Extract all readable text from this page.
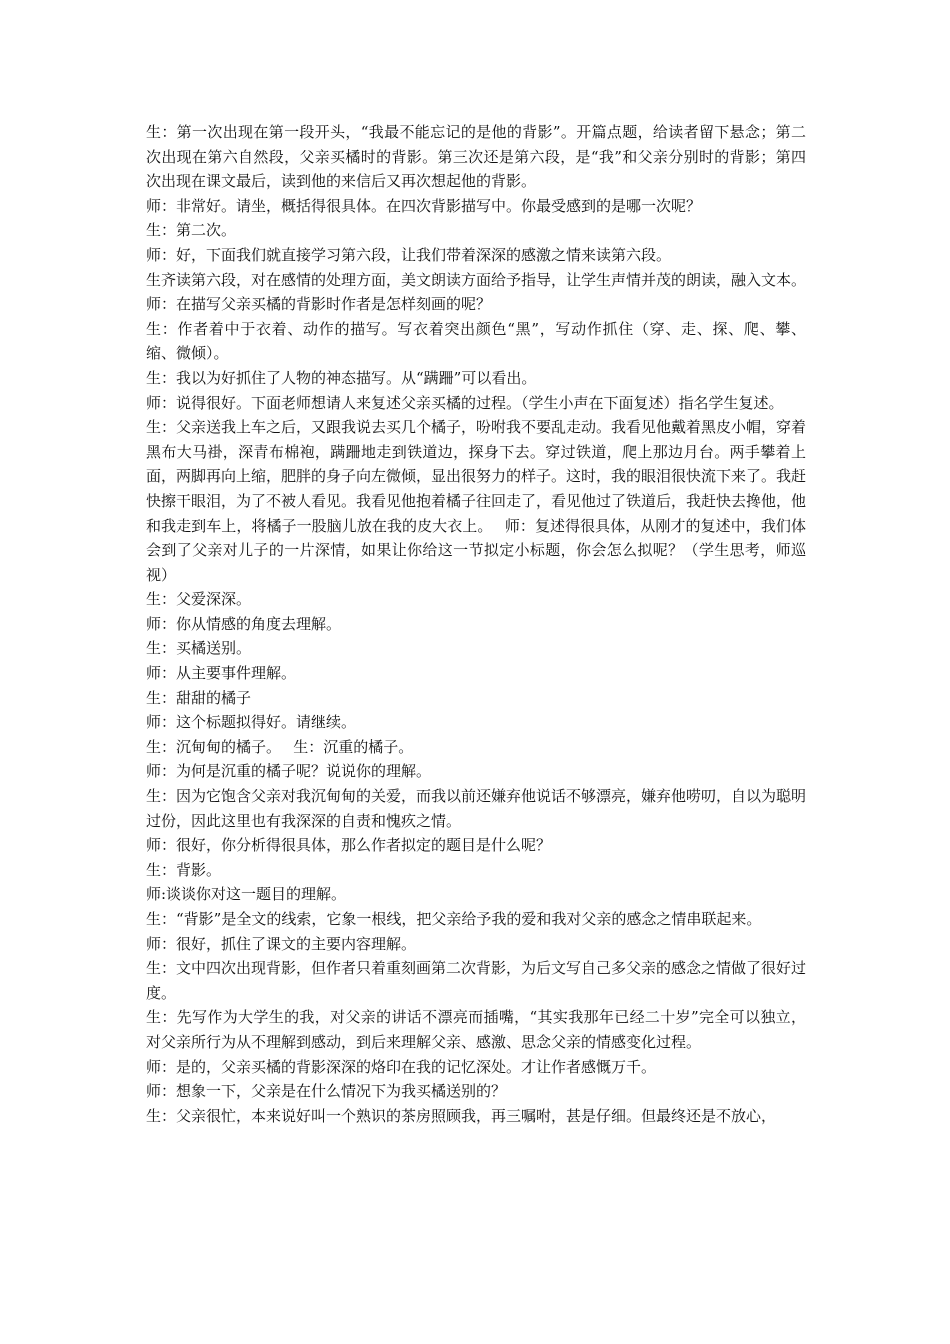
生：第一次出现在第一段开头，“我最不能忘记的是他的背影”。开篇点题，给读者留下悬念；第二次出现在第六自然段，父亲买橘时的背影。第三次还是第六段，是“我”和父亲分别时的背影；第四次出现在课文最后，读到他的来信后又再次想起他的背影。

师：非常好。请坐，概括得很具体。在四次背影描写中。你最受感到的是哪一次呢？

生：第二次。

师：好，下面我们就直接学习第六段，让我们带着深深的感激之情来读第六段。

生齐读第六段，对在感情的处理方面，美文朗读方面给予指导，让学生声情并茂的朗读，融入文本。

师：在描写父亲买橘的背影时作者是怎样刻画的呢？

生：作者着中于衣着、动作的描写。写衣着突出颜色“黑”，写动作抓住（穿、走、探、爬、攀、缩、微倾）。

生：我以为好抓住了人物的神态描写。从“蹒跚”可以看出。

师：说得很好。下面老师想请人来复述父亲买橘的过程。（学生小声在下面复述）指名学生复述。

生：父亲送我上车之后，又跟我说去买几个橘子，吩咐我不要乱走动。我看见他戴着黑皮小帽，穿着黑布大马褂，深青布棉袍，蹒跚地走到铁道边，探身下去。穿过铁道，爬上那边月台。两手攀着上面，两脚再向上缩，肥胖的身子向左微倾，显出很努力的样子。这时，我的眼泪很快流下来了。我赶快擦干眼泪，为了不被人看见。我看见他抱着橘子往回走了，看见他过了铁道后，我赶快去搀他，他和我走到车上，将橘子一股脑儿放在我的皮大衣上。　 师：复述得很具体，从刚才的复述中，我们体会到了父亲对儿子的一片深情，如果让你给这一节拟定小标题，你会怎么拟呢？（学生思考，师巡视）

生：父爱深深。

师：你从情感的角度去理解。

生：买橘送别。

师：从主要事件理解。

生：甜甜的橘子

师：这个标题拟得好。请继续。

生：沉甸甸的橘子。　 生：沉重的橘子。

师：为何是沉重的橘子呢？说说你的理解。

生：因为它饱含父亲对我沉甸甸的关爱，而我以前还嫌弃他说话不够漂亮，嫌弃他唠叨，自以为聪明过份，因此这里也有我深深的自责和愧疚之情。

师：很好，你分析得很具体，那么作者拟定的题目是什么呢？

生：背影。

师:谈谈你对这一题目的理解。

生：“背影”是全文的线索，它象一根线，把父亲给予我的爱和我对父亲的感念之情串联起来。

师：很好，抓住了课文的主要内容理解。

生：文中四次出现背影，但作者只着重刻画第二次背影，为后文写自己多父亲的感念之情做了很好过度。

生：先写作为大学生的我，对父亲的讲话不漂亮而插嘴，“其实我那年已经二十岁”完全可以独立，对父亲所行为从不理解到感动，到后来理解父亲、感激、思念父亲的情感变化过程。

师：是的，父亲买橘的背影深深的烙印在我的记忆深处。才让作者感慨万千。

师：想象一下，父亲是在什么情况下为我买橘送别的？

生：父亲很忙，本来说好叫一个熟识的茶房照顾我，再三嘱咐，甚是仔细。但最终还是不放心，
